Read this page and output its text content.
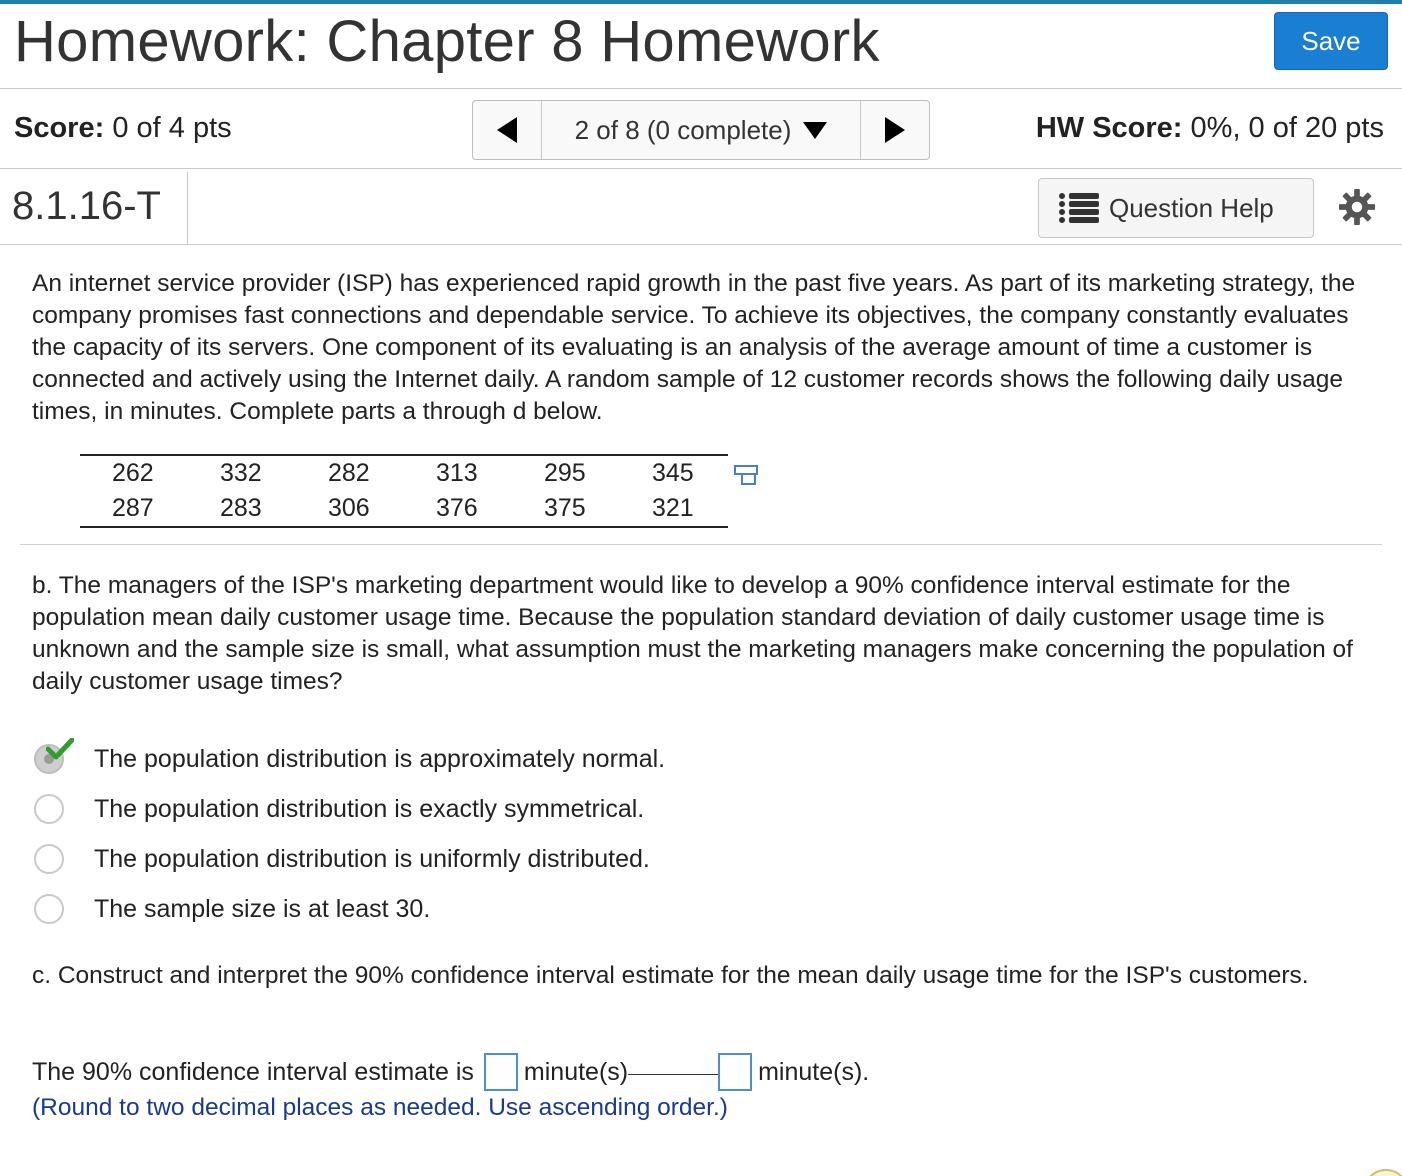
Homework: Chapter 8 Homework	Save
Score: 0 of 4 pts	2 of 8 (0 complete)	HW Score: 0%, 0 of 20 pts
8.1.16-T	Question Help
An internet service provider (ISP) has experienced rapid growth in the past five years. As part of its marketing strategy, the company promises fast connections and dependable service. To achieve its objectives, the company constantly evaluates the capacity of its servers. One component of its evaluating is an analysis of the average amount of time a customer is connected and actively using the Internet daily. A random sample of 12 customer records shows the following daily usage times, in minutes. Complete parts a through d below.
262	332	282	313	295	345
287	283	306	376	375	321
b. The managers of the ISP's marketing department would like to develop a 90% confidence interval estimate for the population mean daily customer usage time. Because the population standard deviation of daily customer usage time is unknown and the sample size is small, what assumption must the marketing managers make concerning the population of daily customer usage times?
The population distribution is approximately normal.
The population distribution is exactly symmetrical.
The population distribution is uniformly distributed.
The sample size is at least 30.
c. Construct and interpret the 90% confidence interval estimate for the mean daily usage time for the ISP's customers.
The 90% confidence interval estimate is minute(s)	minute(s).
(Round to two decimal places as needed. Use ascending order.)
